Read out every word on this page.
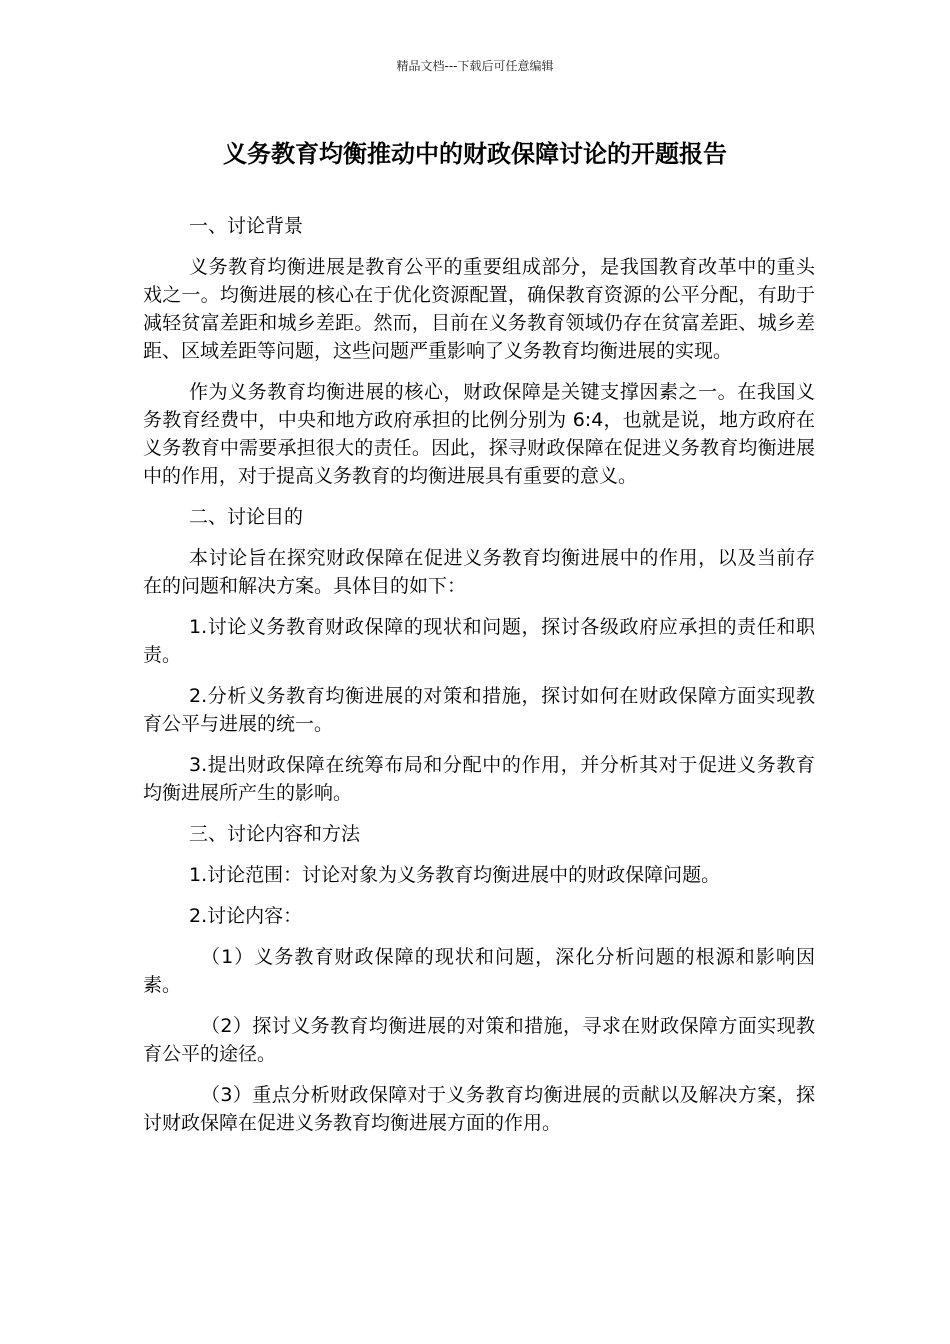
精品文档---下载后可任意编辑
义务教育均衡推动中的财政保障讨论的开题报告

一、讨论背景

义务教育均衡进展是教育公平的重要组成部分，是我国教育改革中的重头戏之一。均衡进展的核心在于优化资源配置，确保教育资源的公平分配，有助于减轻贫富差距和城乡差距。然而，目前在义务教育领域仍存在贫富差距、城乡差距、区域差距等问题，这些问题严重影响了义务教育均衡进展的实现。

作为义务教育均衡进展的核心，财政保障是关键支撑因素之一。在我国义务教育经费中，中央和地方政府承担的比例分别为 6:4，也就是说，地方政府在义务教育中需要承担很大的责任。因此，探寻财政保障在促进义务教育均衡进展中的作用，对于提高义务教育的均衡进展具有重要的意义。

二、讨论目的

本讨论旨在探究财政保障在促进义务教育均衡进展中的作用，以及当前存在的问题和解决方案。具体目的如下：

1.讨论义务教育财政保障的现状和问题，探讨各级政府应承担的责任和职责。

2.分析义务教育均衡进展的对策和措施，探讨如何在财政保障方面实现教育公平与进展的统一。

3.提出财政保障在统筹布局和分配中的作用，并分析其对于促进义务教育均衡进展所产生的影响。

三、讨论内容和方法

1.讨论范围：讨论对象为义务教育均衡进展中的财政保障问题。

2.讨论内容：

（1）义务教育财政保障的现状和问题，深化分析问题的根源和影响因素。

（2）探讨义务教育均衡进展的对策和措施，寻求在财政保障方面实现教育公平的途径。

（3）重点分析财政保障对于义务教育均衡进展的贡献以及解决方案，探讨财政保障在促进义务教育均衡进展方面的作用。
